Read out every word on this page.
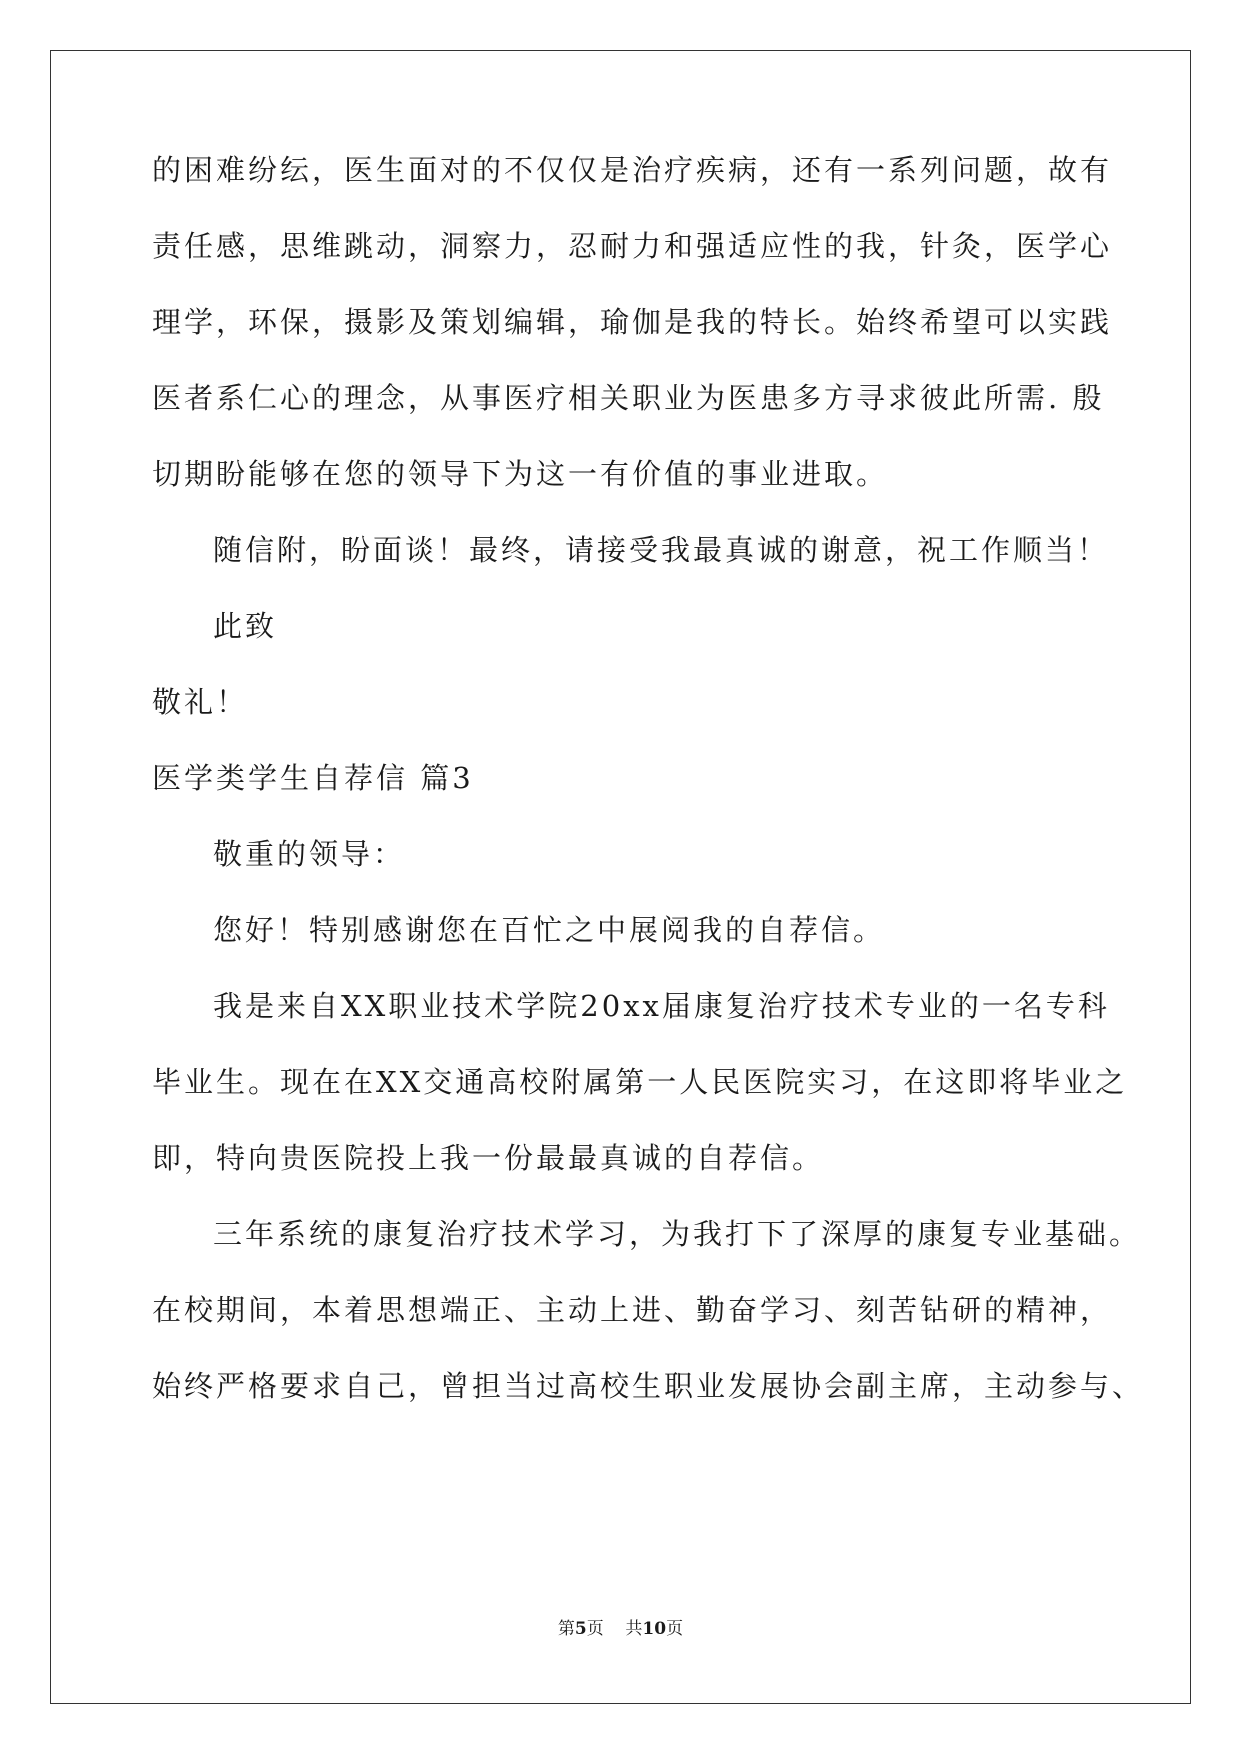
的困难纷纭，医生面对的不仅仅是治疗疾病，还有一系列问题，故有
责任感，思维跳动，洞察力，忍耐力和强适应性的我，针灸，医学心
理学，环保，摄影及策划编辑，瑜伽是我的特长。始终希望可以实践
医者系仁心的理念，从事医疗相关职业为医患多方寻求彼此所需. 殷
切期盼能够在您的领导下为这一有价值的事业进取。
随信附，盼面谈！最终，请接受我最真诚的谢意，祝工作顺当！
此致
敬礼！
医学类学生自荐信 篇3
敬重的领导：
您好！特别感谢您在百忙之中展阅我的自荐信。
我是来自XX职业技术学院20xx届康复治疗技术专业的一名专科
毕业生。现在在XX交通高校附属第一人民医院实习，在这即将毕业之
即，特向贵医院投上我一份最最真诚的自荐信。
三年系统的康复治疗技术学习，为我打下了深厚的康复专业基础。
在校期间，本着思想端正、主动上进、勤奋学习、刻苦钻研的精神，
始终严格要求自己，曾担当过高校生职业发展协会副主席，主动参与、
第5页 共10页
